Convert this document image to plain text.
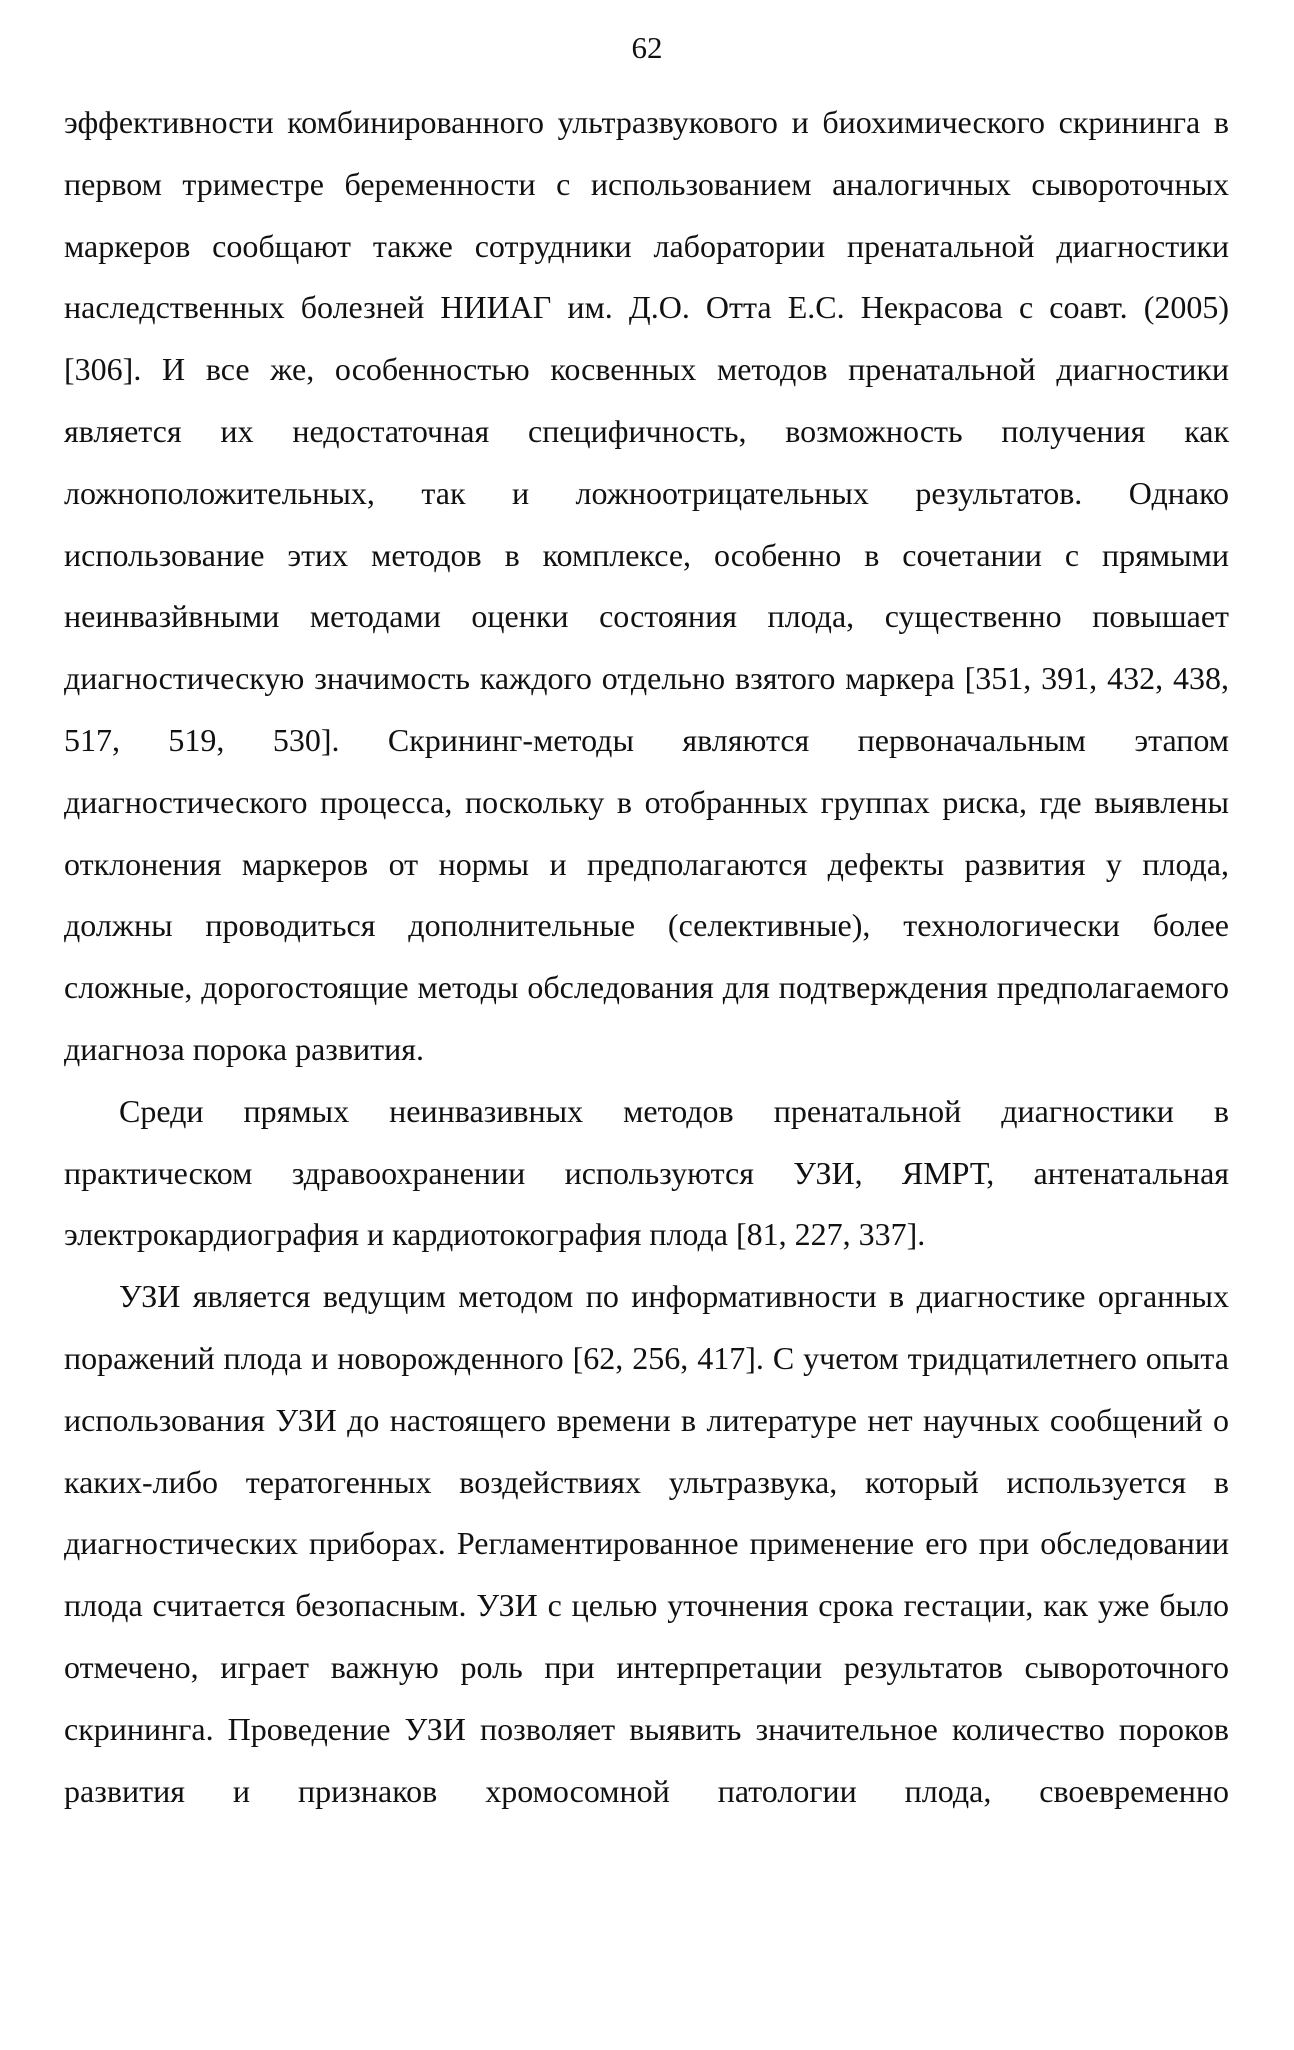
62

эффективности комбинированного ультразвукового и биохимического скрининга в первом триместре беременности с использованием аналогичных сывороточных маркеров сообщают также сотрудники лаборатории пренатальной диагностики наследственных болезней НИИАГ им. Д.О. Отта Е.С. Некрасова с соавт. (2005) [306]. И все же, особенностью косвенных методов пренатальной диагностики является их недостаточная специфичность, возможность получения как ложноположительных, так и ложноотрицательных результатов. Однако использование этих методов в комплексе, особенно в сочетании с прямыми неинвазйвными методами оценки состояния плода, существенно повышает диагностическую значимость каждого отдельно взятого маркера [351, 391, 432, 438, 517, 519, 530]. Скрининг-методы являются первоначальным этапом диагностического процесса, поскольку в отобранных группах риска, где выявлены отклонения маркеров от нормы и предполагаются дефекты развития у плода, должны проводиться дополнительные (селективные), технологически более сложные, дорогостоящие методы обследования для подтверждения предполагаемого диагноза порока развития.

Среди прямых неинвазивных методов пренатальной диагностики в практическом здравоохранении используются УЗИ, ЯМРТ, антенатальная электрокардиография и кардиотокография плода [81, 227, 337].

УЗИ является ведущим методом по информативности в диагностике органных поражений плода и новорожденного [62, 256, 417]. С учетом тридцатилетнего опыта использования УЗИ до настоящего времени в литературе нет научных сообщений о каких-либо тератогенных воздействиях ультразвука, который используется в диагностических приборах. Регламентированное применение его при обследовании плода считается безопасным. УЗИ с целью уточнения срока гестации, как уже было отмечено, играет важную роль при интерпретации результатов сывороточного скрининга. Проведение УЗИ позволяет выявить значительное количество пороков развития и признаков хромосомной патологии плода, своевременно
